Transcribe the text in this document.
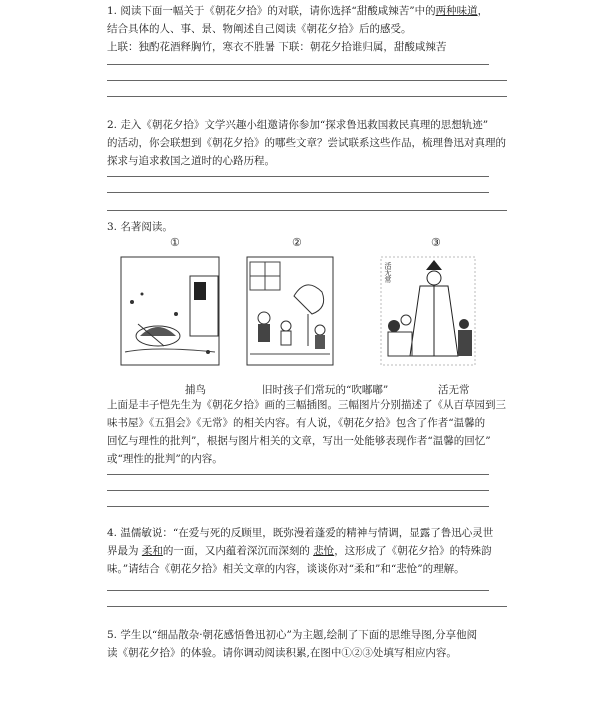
1. 阅读下面一幅关于《朝花夕拾》的对联，请你选择“甜酸咸辣苦”中的两种味道，
结合具体的人、事、景、物阐述自己阅读《朝花夕拾》后的感受。
上联：独酌花酒释胸竹，寒衣不胜暑 下联：朝花夕拾谁归属，甜酸咸辣苦
2. 走入《朝花夕拾》文学兴趣小组邀请你参加“探求鲁迅救国救民真理的思想轨迹”
的活动，你会联想到《朝花夕拾》的哪些文章？尝试联系这些作品，梳理鲁迅对真理的
探求与追求救国之道时的心路历程。
3. 名著阅读。
①	②	③
活无常
捕鸟	旧时孩子们常玩的“吹嘟嘟”	活无常
上面是丰子恺先生为《朝花夕拾》画的三幅插图。三幅图片分别描述了《从百草园到三
味书屋》《五猖会》《无常》的相关内容。有人说，《朝花夕拾》包含了作者“温馨的
回忆与理性的批判”，根据与图片相关的文章，写出一处能够表现作者“温馨的回忆”
或“理性的批判”的内容。
4. 温儒敏说：“在爱与死的反顾里，既弥漫着蓬爱的精神与情调，显露了鲁迅心灵世
界最为 柔和的一面，又内蕴着深沉而深刻的 悲怆，这形成了《朝花夕拾》的特殊韵
味。”请结合《朝花夕拾》相关文章的内容，谈谈你对“柔和”和“悲怆”的理解。
5. 学生以“细品散杂·朝花感悟鲁迅初心”为主题,绘制了下面的思维导图,分享他阅
读《朝花夕拾》的体验。请你调动阅读积累,在图中①②③处填写相应内容。
